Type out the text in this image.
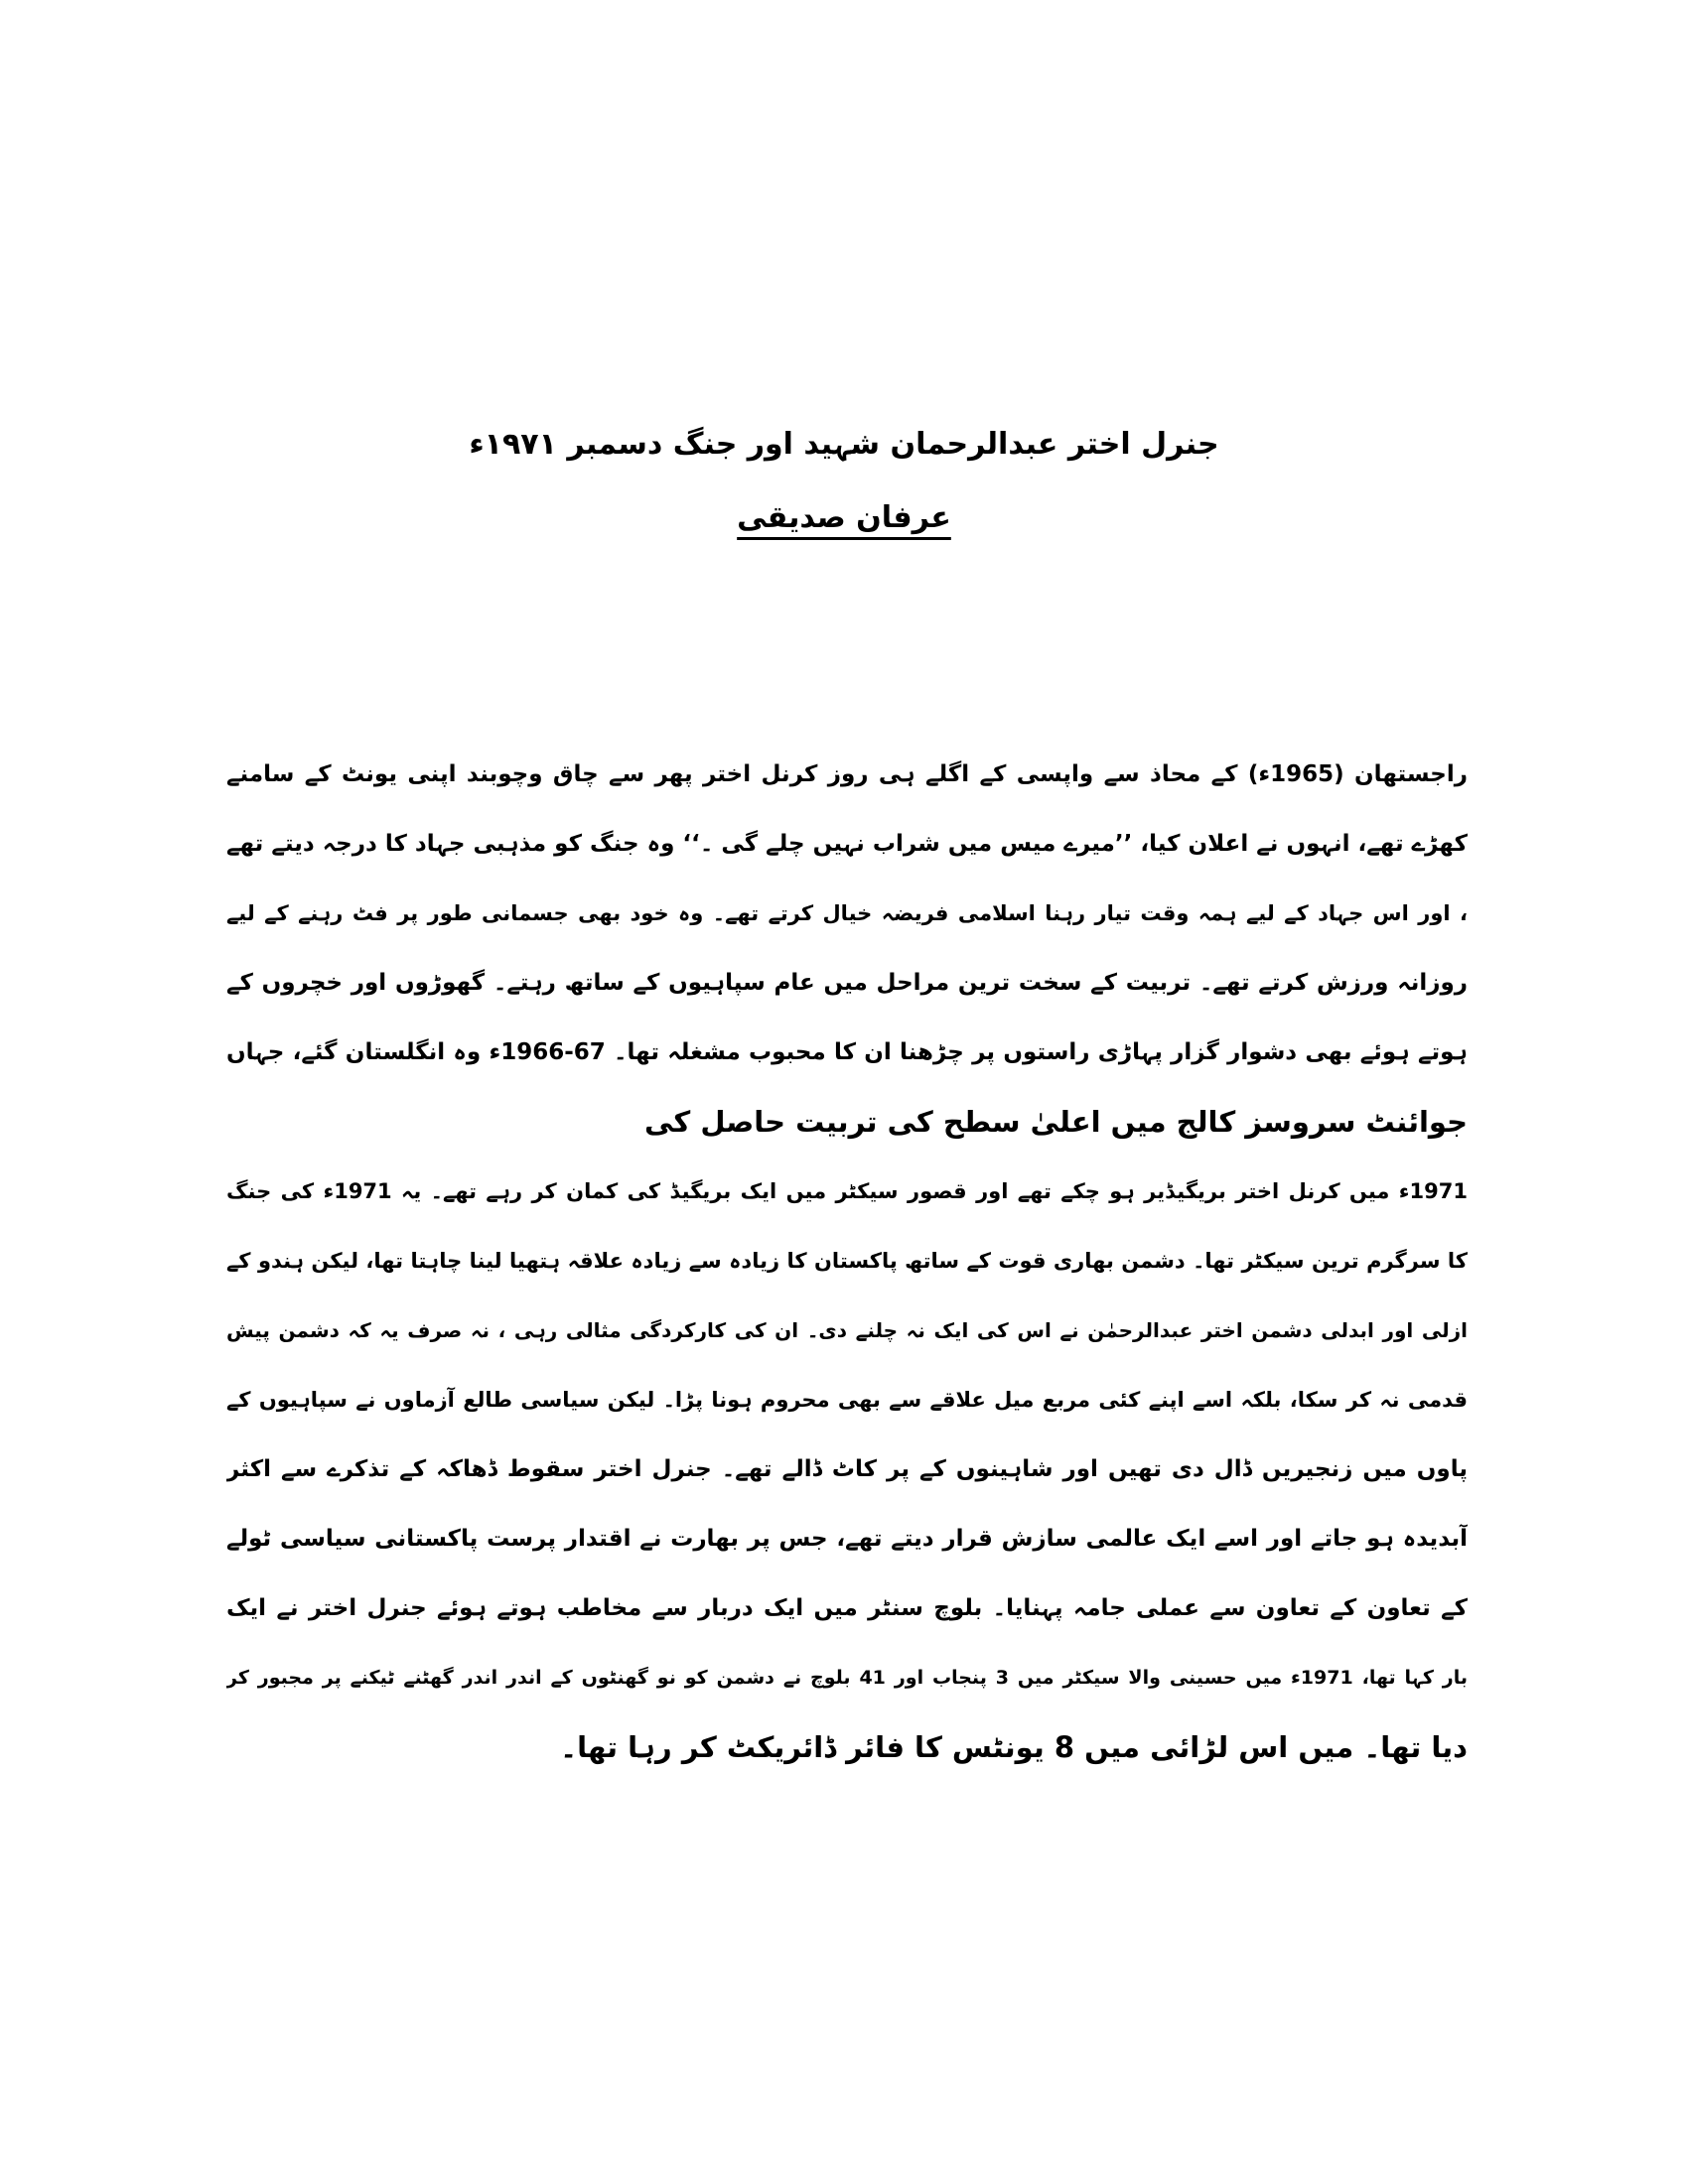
جنرل اختر عبدالرحمان شہید اور جنگ دسمبر ۱۹۷۱ء
عرفان صدیقی
راجستھان (1965ء) کے محاذ سے واپسی کے اگلے ہی روز کرنل اختر پھر سے چاق وچوبند اپنی یونٹ کے سامنے
کھڑے تھے، انہوں نے اعلان کیا، ’’میرے میس میں شراب نہیں چلے گی ۔‘‘ وہ جنگ کو مذہبی جہاد کا درجہ دیتے تھے
، اور اس جہاد کے لیے ہمہ وقت تیار رہنا اسلامی فریضہ خیال کرتے تھے۔ وہ خود بھی جسمانی طور پر فٹ رہنے کے لیے
روزانہ ورزش کرتے تھے۔ تربیت کے سخت ترین مراحل میں عام سپاہیوں کے ساتھ رہتے۔ گھوڑوں اور خچروں کے
ہوتے ہوئے بھی دشوار گزار پہاڑی راستوں پر چڑھنا ان کا محبوب مشغلہ تھا۔ 67-1966ء وہ انگلستان گئے، جہاں
جوائنٹ سروسز کالج میں اعلیٰ سطح کی تربیت حاصل کی
1971ء میں کرنل اختر بریگیڈیر ہو چکے تھے اور قصور سیکٹر میں ایک بریگیڈ کی کمان کر رہے تھے۔ یہ 1971ء کی جنگ
کا سرگرم ترین سیکٹر تھا۔ دشمن بھاری قوت کے ساتھ پاکستان کا زیادہ سے زیادہ علاقہ ہتھیا لینا چاہتا تھا، لیکن ہندو کے
ازلی اور ابدلی دشمن اختر عبدالرحمٰن نے اس کی ایک نہ چلنے دی۔ ان کی کارکردگی مثالی رہی ، نہ صرف یہ کہ دشمن پیش
قدمی نہ کر سکا، بلکہ اسے اپنے کئی مربع میل علاقے سے بھی محروم ہونا پڑا۔ لیکن سیاسی طالع آزماوں نے سپاہیوں کے
پاوں میں زنجیریں ڈال دی تھیں اور شاہینوں کے پر کاٹ ڈالے تھے۔ جنرل اختر سقوط ڈھاکہ کے تذکرے سے اکثر
آبدیدہ ہو جاتے اور اسے ایک عالمی سازش قرار دیتے تھے، جس پر بھارت نے اقتدار پرست پاکستانی سیاسی ٹولے
کے تعاون کے تعاون سے عملی جامہ پہنایا۔ بلوچ سنٹر میں ایک دربار سے مخاطب ہوتے ہوئے جنرل اختر نے ایک
بار کہا تھا، 1971ء میں حسینی والا سیکٹر میں 3 پنجاب اور 41 بلوچ نے دشمن کو نو گھنٹوں کے اندر اندر گھٹنے ٹیکنے پر مجبور کر
دیا تھا۔ میں اس لڑائی میں 8 یونٹس کا فائر ڈائریکٹ کر رہا تھا۔
